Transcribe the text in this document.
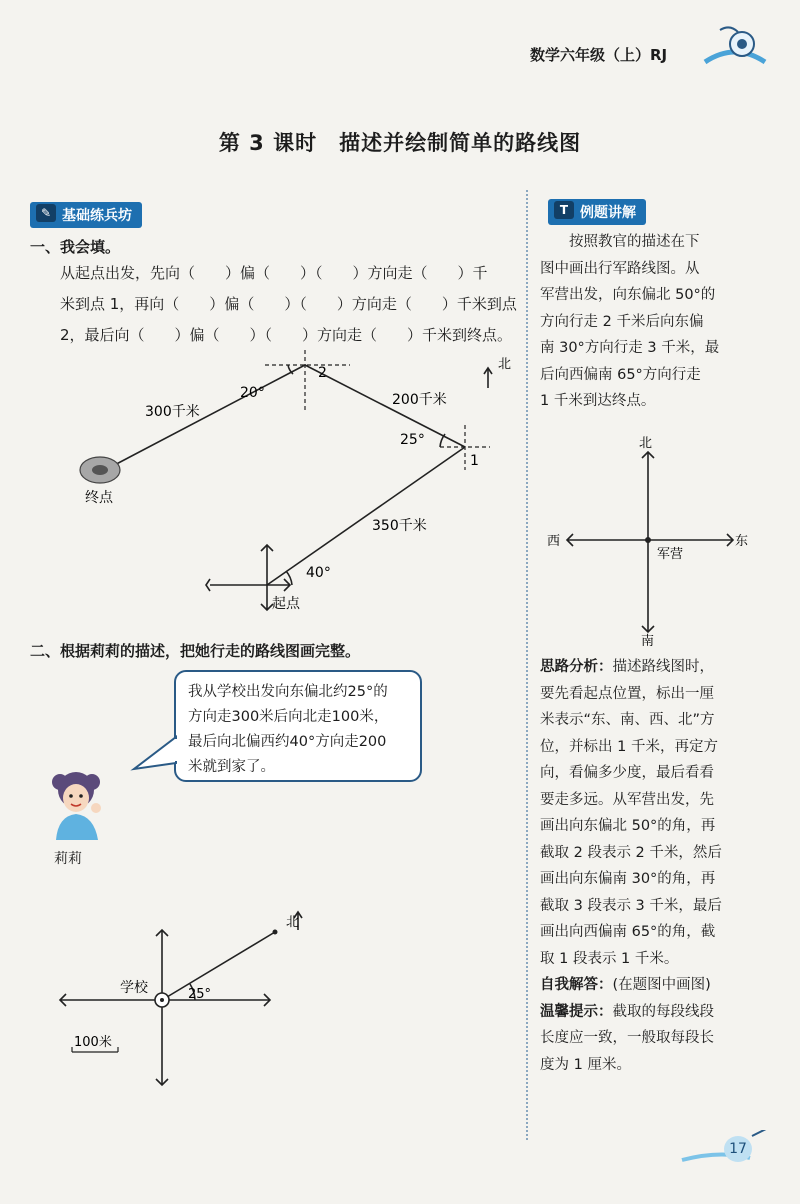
数学六年级（上）RJ
第 3 课时 描述并绘制简单的路线图
✎ 基础练兵坊	T 例题讲解
一、我会填。
从起点出发，先向（　　）偏（　　）（　　）方向走（　　）千
米到点 1，再向（　　）偏（　　）（　　）方向走（　　）千米到点
2，最后向（　　）偏（　　）（　　）方向走（　　）千米到终点。
北
2
1
20°
25°
40°
300千米
200千米
350千米
终点
起点
二、根据莉莉的描述，把她行走的路线图画完整。
我从学校出发向东偏北约25°的
方向走300米后向北走100米，
最后向北偏西约40°方向走200
米就到家了。
莉莉
北
学校	25°
100米
　　按照教官的描述在下
图中画出行军路线图。从
军营出发，向东偏北 50°的
方向行走 2 千米后向东偏
南 30°方向行走 3 千米，最
后向西偏南 65°方向行走
1 千米到达终点。
北
南
东
西
军营
思路分析：描述路线图时，
要先看起点位置，标出一厘
米表示“东、南、西、北”方
位，并标出 1 千米，再定方
向，看偏多少度，最后看看
要走多远。从军营出发，先
画出向东偏北 50°的角，再
截取 2 段表示 2 千米，然后
画出向东偏南 30°的角，再
截取 3 段表示 3 千米，最后
画出向西偏南 65°的角，截
取 1 段表示 1 千米。
自我解答：(在题图中画图)
温馨提示：截取的每段线段
长度应一致，一般取每段长
度为 1 厘米。
17
